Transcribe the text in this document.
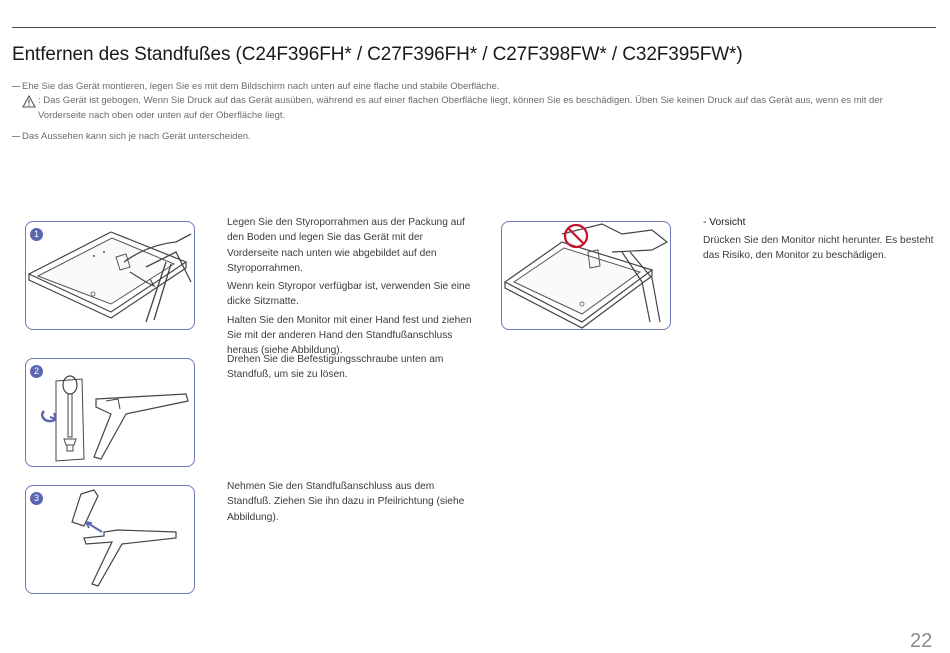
Entfernen des Standfußes (C24F396FH* / C27F396FH* / C27F398FW* / C32F395FW*)
Ehe Sie das Gerät montieren, legen Sie es mit dem Bildschirm nach unten auf eine flache und stabile Oberfläche.
: Das Gerät ist gebogen. Wenn Sie Druck auf das Gerät ausüben, während es auf einer flachen Oberfläche liegt, können Sie es beschädigen. Üben Sie keinen Druck auf das Gerät aus, wenn es mit der Vorderseite nach oben oder unten auf der Oberfläche liegt.
Das Aussehen kann sich je nach Gerät unterscheiden.
1

Legen Sie den Styroporrahmen aus der Packung auf den Boden und legen Sie das Gerät mit der Vorderseite nach unten wie abgebildet auf den Styroporrahmen.

Wenn kein Styropor verfügbar ist, verwenden Sie eine dicke Sitzmatte.

Halten Sie den Monitor mit einer Hand fest und ziehen Sie mit der anderen Hand den Standfußanschluss heraus (siehe Abbildung).

2

Drehen Sie die Befestigungsschraube unten am Standfuß, um sie zu lösen.

3

Nehmen Sie den Standfußanschluss aus dem Standfuß. Ziehen Sie ihn dazu in Pfeilrichtung (siehe Abbildung).

- Vorsicht
Drücken Sie den Monitor nicht herunter. Es besteht das Risiko, den Monitor zu beschädigen.
22
